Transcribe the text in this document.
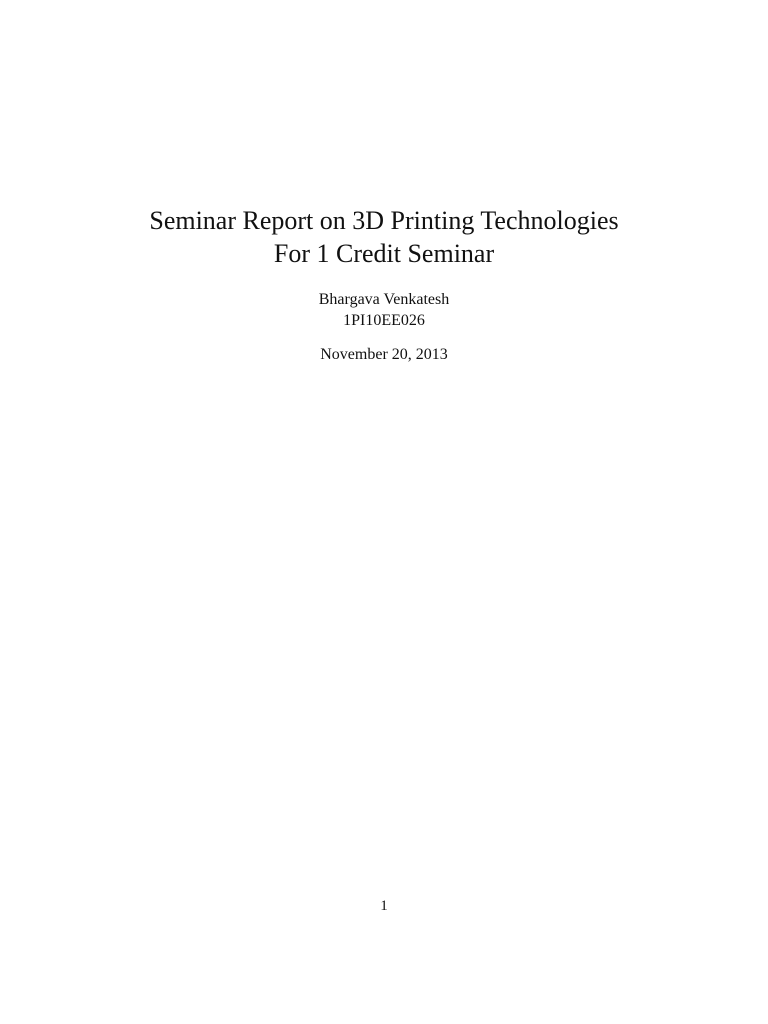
Seminar Report on 3D Printing Technologies
For 1 Credit Seminar
Bhargava Venkatesh
1PI10EE026
November 20, 2013
1
